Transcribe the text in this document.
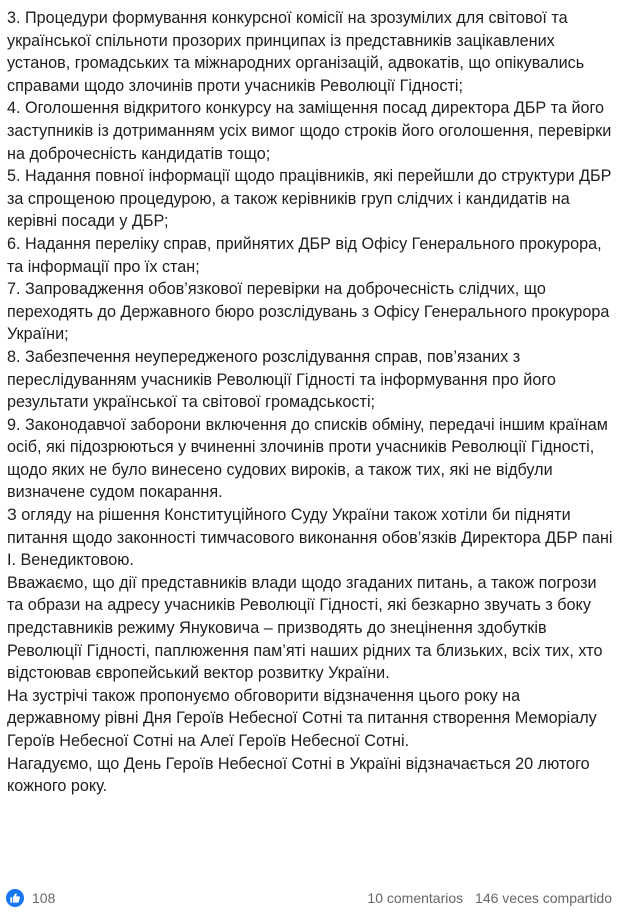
3. Процедури формування конкурсної комісії на зрозумілих для світової та української спільноти прозорих принципах із представників зацікавлених установ, громадських та міжнародних організацій, адвокатів, що опікувались справами щодо злочинів проти учасників Революції Гідності;

4. Оголошення відкритого конкурсу на заміщення посад директора ДБР та його заступників із дотриманням усіх вимог щодо строків його оголошення, перевірки на доброчесність кандидатів тощо;

5. Надання повної інформації щодо працівників, які перейшли до структури ДБР за спрощеною процедурою, а також керівників груп слідчих і кандидатів на керівні посади у ДБР;

6. Надання переліку справ, прийнятих ДБР від Офісу Генерального прокурора, та інформації про їх стан;

7. Запровадження обов’язкової перевірки на доброчесність слідчих, що переходять до Державного бюро розслідувань з Офісу Генерального прокурора України;

8. Забезпечення неупередженого розслідування справ, пов’язаних з переслідуванням учасників Революції Гідності та інформування про його результати української та світової громадськості;

9. Законодавчої заборони включення до списків обміну, передачі іншим країнам осіб, які підозрюються у вчиненні злочинів проти учасників Революції Гідності, щодо яких не було винесено судових вироків, а також тих, які не відбули визначене судом покарання.

З огляду на рішення Конституційного Суду України також хотіли би підняти питання щодо законності тимчасового виконання обов’язків Директора ДБР пані І. Венедиктовою.

Вважаємо, що дії представників влади щодо згаданих питань, а також погрози та образи на адресу учасників Революції Гідності, які безкарно звучать з боку представників режиму Януковича – призводять до знецінення здобутків Революції Гідності, паплюження пам’яті наших рідних та близьких, всіх тих, хто відстоював європейський вектор розвитку України.

На зустрічі також пропонуємо обговорити відзначення цього року на державному рівні Дня Героїв Небесної Сотні та питання створення Меморіалу Героїв Небесної Сотні на Алеї Героїв Небесної Сотні.

Нагадуємо, що День Героїв Небесної Сотні в Україні відзначається 20 лютого кожного року.

108	10 comentarios 146 veces compartido
